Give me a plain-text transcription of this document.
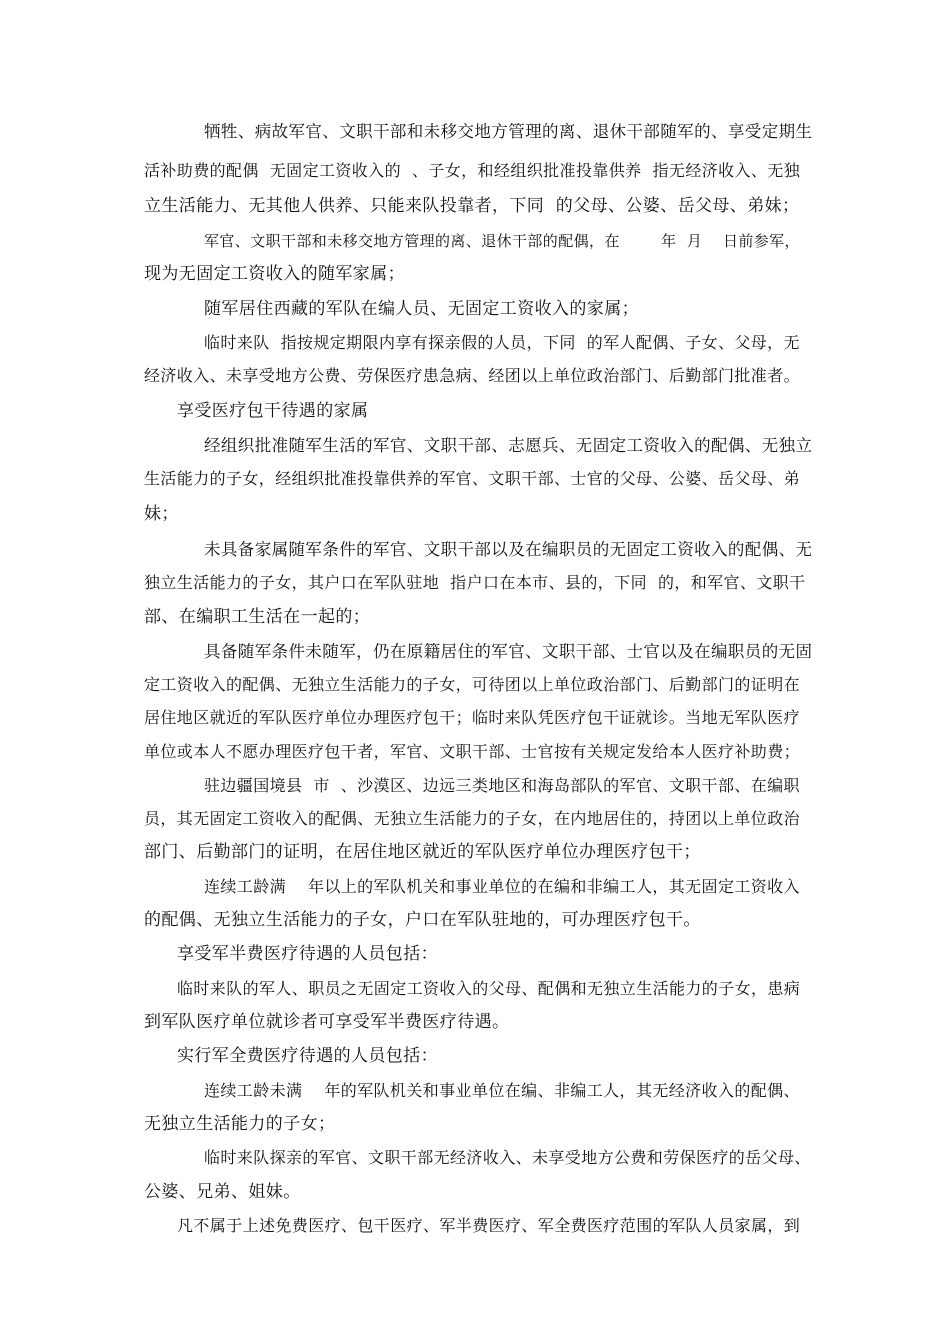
牺牲、病故军官、文职干部和未移交地方管理的离、退休干部随军的、享受定期生
活补助费的配偶  无固定工资收入的  、子女，和经组织批准投靠供养  指无经济收入、无独
立生活能力、无其他人供养、只能来队投靠者，下同  的父母、公婆、岳父母、弟妹；
军官、文职干部和未移交地方管理的离、退休干部的配偶，在        年  月    日前参军，
现为无固定工资收入的随军家属；
随军居住西藏的军队在编人员、无固定工资收入的家属；
临时来队  指按规定期限内享有探亲假的人员，下同  的军人配偶、子女、父母，无
经济收入、未享受地方公费、劳保医疗患急病、经团以上单位政治部门、后勤部门批准者。
享受医疗包干待遇的家属
经组织批准随军生活的军官、文职干部、志愿兵、无固定工资收入的配偶、无独立
生活能力的子女，经组织批准投靠供养的军官、文职干部、士官的父母、公婆、岳父母、弟
妹；
未具备家属随军条件的军官、文职干部以及在编职员的无固定工资收入的配偶、无
独立生活能力的子女，其户口在军队驻地  指户口在本市、县的，下同  的，和军官、文职干
部、在编职工生活在一起的；
具备随军条件未随军，仍在原籍居住的军官、文职干部、士官以及在编职员的无固
定工资收入的配偶、无独立生活能力的子女，可待团以上单位政治部门、后勤部门的证明在
居住地区就近的军队医疗单位办理医疗包干；临时来队凭医疗包干证就诊。当地无军队医疗
单位或本人不愿办理医疗包干者，军官、文职干部、士官按有关规定发给本人医疗补助费；
驻边疆国境县  市  、沙漠区、边远三类地区和海岛部队的军官、文职干部、在编职
员，其无固定工资收入的配偶、无独立生活能力的子女，在内地居住的，持团以上单位政治
部门、后勤部门的证明，在居住地区就近的军队医疗单位办理医疗包干；
连续工龄满    年以上的军队机关和事业单位的在编和非编工人，其无固定工资收入
的配偶、无独立生活能力的子女，户口在军队驻地的，可办理医疗包干。
享受军半费医疗待遇的人员包括：
临时来队的军人、职员之无固定工资收入的父母、配偶和无独立生活能力的子女，患病
到军队医疗单位就诊者可享受军半费医疗待遇。
实行军全费医疗待遇的人员包括：
连续工龄未满    年的军队机关和事业单位在编、非编工人，其无经济收入的配偶、
无独立生活能力的子女；
临时来队探亲的军官、文职干部无经济收入、未享受地方公费和劳保医疗的岳父母、
公婆、兄弟、姐妹。
凡不属于上述免费医疗、包干医疗、军半费医疗、军全费医疗范围的军队人员家属，到
